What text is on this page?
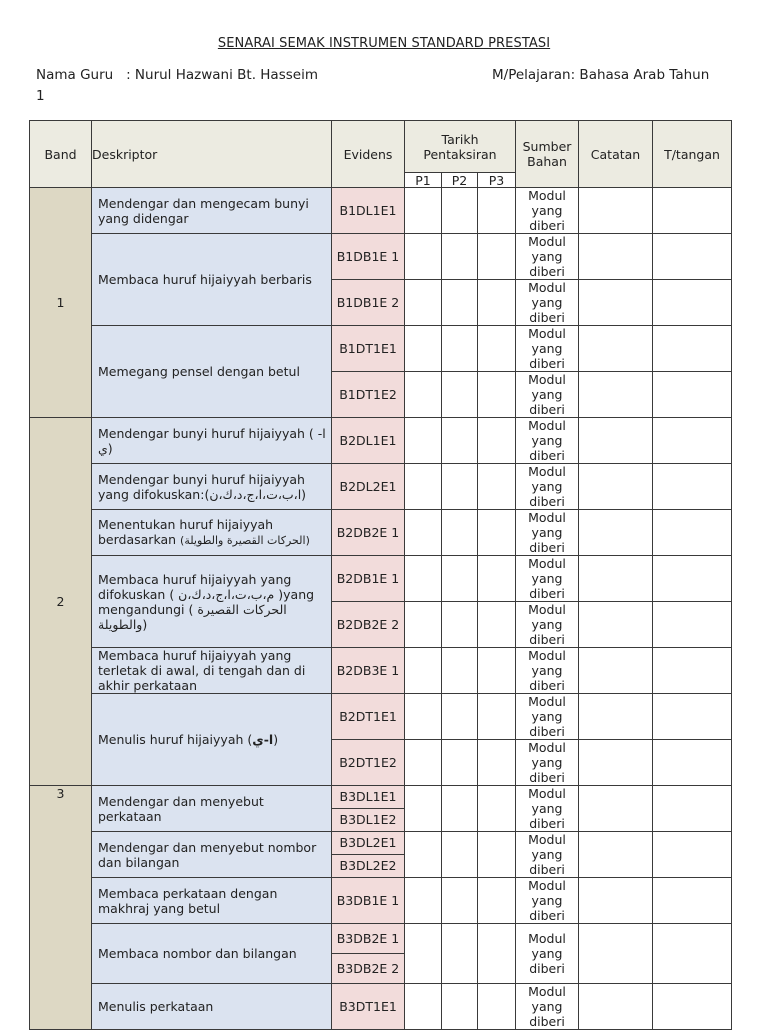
SENARAI SEMAK INSTRUMEN STANDARD PRESTASI
Nama Guru   : Nurul Hazwani Bt. Hasseim	M/Pelajaran: Bahasa Arab Tahun
1
Band	Deskriptor	Evidens	Tarikh Pentaksiran			Sumber Bahan	Catatan	T/tangan
			P1	P2	P3			
1	Mendengar dan mengecam bunyi yang didengar	B1DL1E1				Modul yang diberi		
	Membaca huruf hijaiyyah berbaris	B1DB1E 1				Modul yang diberi		
		B1DB1E 2				Modul yang diberi		
	Memegang pensel dengan betul	B1DT1E1				Modul yang diberi		
		B1DT1E2				Modul yang diberi		
2	Mendengar bunyi huruf hijaiyyah ( ا-ي)	B2DL1E1				Modul yang diberi		
	Mendengar bunyi huruf hijaiyyah yang difokuskan:(ا،ب،ت،ا،ج،د،ك،ن)	B2DL2E1				Modul yang diberi		
	Menentukan huruf hijaiyyah berdasarkan (الحركات القصيرة والطويلة)	B2DB2E 1				Modul yang diberi		
	Membaca huruf hijaiyyah yang difokuskan ( م،ب،ت،ا،ج،د،ك،ن )yang mengandungi ( الحركات القصيرة والطويلة)	B2DB1E 1				Modul yang diberi		
		B2DB2E 2				Modul yang diberi		
	Membaca huruf hijaiyyah yang terletak di awal, di tengah dan di akhir perkataan	B2DB3E 1				Modul yang diberi		
	Menulis huruf hijaiyyah (ا-ي)	B2DT1E1				Modul yang diberi		
		B2DT1E2				Modul yang diberi		
3	Mendengar dan menyebut perkataan	B3DL1E1				Modul yang diberi		
		B3DL1E2						
	Mendengar dan menyebut nombor dan bilangan	B3DL2E1				Modul yang diberi		
		B3DL2E2						
	Membaca perkataan dengan makhraj yang betul	B3DB1E 1				Modul yang diberi		
	Membaca nombor dan bilangan	B3DB2E 1				Modul yang diberi		
		B3DB2E 2						
	Menulis perkataan	B3DT1E1				Modul yang diberi		
